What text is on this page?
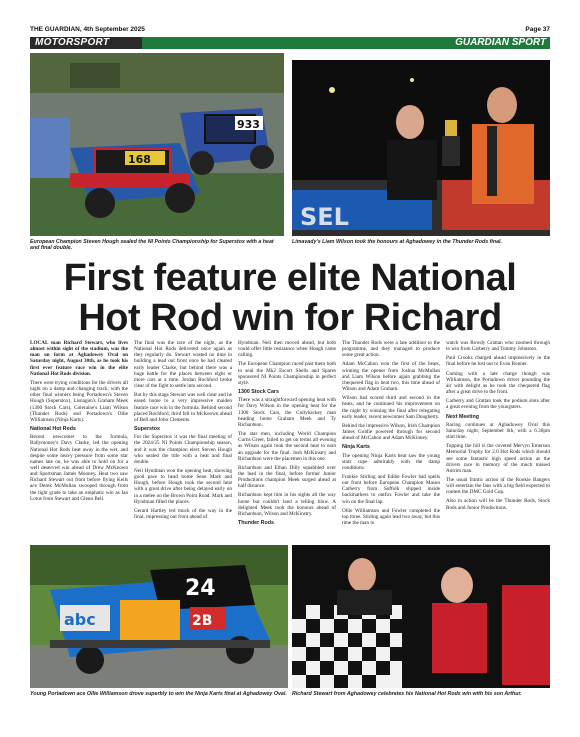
THE GUARDIAN, 4th September 2025	Page 37
MOTORSPORT	GUARDIAN SPORT
933
168
European Champion Steven Hough sealed the NI Points Championship for Superstox with a heat and final double.
SEL
Limavady's Liam Wilson took the honours at Aghadowey in the Thunder Rods final.
First feature elite National Hot Rod win for Richard

LOCAL man Richard Stewart, who lives almost within sight of the stadium, was the man on form at Aghadowey Oval on Saturday night, August 30th, as he took his first ever feature race win in the elite National Hot Rods division.

There were trying conditions for the drivers all night on a damp and changing track, with the other final winners being Portadown's Steven Hough (Superstox), Lisnagun's Graham Meek (1300 Stock Cars), Coleraine's Liam Wilson (Thunder Rods) and Portadown's Ollie Williamson (Ninja Karts).

National Hot Rods

Recent newcomer to the formula, Ballymoney's Davy Clarke, led the opening National Hot Rods heat away in the wet, and despite some heavy pressure from some star names late on, he was able to hold on for a well deserved win ahead of Drew McKeown and Sportsman James Mooney. Heat two saw Richard Stewart out from before flying Kells ace Derek McMullan swooped through from the tight grade to take an emphatic win as Ian Lotus from Stewart and Glenn Bell.

The final was the race of the night, as the National Hot Rods delivered once again as they regularly do. Stewart wasted no time in building a lead out front once he had cleared early leader Clarke, but behind there was a huge battle for the places between eight or more cars at a time. Jordan Rochford broke clear of the fight to settle into second.

But by this stage Stewart was well clear and he eased home to a very impressive maiden feature race win in the formula. Behind second placed Rochford, third fell to McKeown ahead of Bell and John Clements.

Superstox

For the Superstox it was the final meeting of the 2024/25 NI Points Championship season, and it was the champion elect Steven Hough who sealed the title with a heat and final double.

Neil Hyndman won the opening heat, showing good pace to head home Sean Mark and Hough, before Hough took the second heat with a great drive after being delayed early on in a melee on the Brown Point Road. Mark and Hyndman filled the places.

Gerard Hartley led much of the way in the final, impressing out front ahead of

Hyndman. Neil then moved ahead, but both could offer little resistance when Hough came calling.

The European Champion raced past them both to seal the Mk2 Escort Shells and Spares sponsored NI Points Championship in perfect style.

1300 Stock Cars

There was a straightforward opening heat with for Davy Wilson in the opening heat for the 1300 Stock Cars, the Cullybackey man heading home Graham Meek and Ty Richardson.

The star men, including World Champion Curtis Greer, failed to get on terms all evening as Wilson again took the second heat to earn an upgrade for the final. Josh McKinstry and Richardson were the placemen in this one.

Richardson and Ethan Dilly squabbled over the lead in the final, before former Junior Productions champion Meek surged ahead at half distance.

Richardson kept him in his sights all the way home but couldn't land a telling blow. A delighted Meek took the honours ahead of Richardson, Wilson and McKinstry.

Thunder Rods

The Thunder Rods were a late addition to the programme, and they managed to produce some great action.

Adam McCahon won the first of the heats, winning the opener from Joshua McMullan and Liam Wilson before again grabbing the chequered flag in heat two, this time ahead of Wilson and Adam Graham.

Wilson had scored third and second in the heats, and he continued his improvement on the night by winning the final after relegating early leader, recent newcomer Sam Dougherty.

Behind the impressive Wilson, Irish Champion James Goldie powered through for second ahead of McCahon and Adam McKinney.

Ninja Karts

The opening Ninja Karts heat saw the young stars cope admirably with the damp conditions.

Frankie Stirling and Eddie Fowler had spells out front before European Champion Mason Carberry from Suffolk slipped inside backmarkers to outfox Fowler and take the win on the final lap.

Ollie Williamson and Fowler completed the top three. Stirling again lead two away, but this time the man to

watch was Rowdy Grattan who zoomed through to win from Carberry and Tommy Johnston.

Paul Crooks charged ahead impressively in the final before he lost out to Evan Bonner.

Coming with a late charge though was Williamson, the Portadown driver pounding the air with delight as he took the chequered flag after a great drive to the front.

Carberry and Grattan took the podium slots after a great evening from the youngsters.

Next Meeting

Racing continues at Aghadowey Oval this Saturday night, September 6th, with a 6.30pm start time.

Topping the bill is the coveted Mervyn Emerson Memorial Trophy for 2.0 Hot Rods which should see some fantastic high speed action as the drivers race in memory of the much missed Antrim man.

The usual frantic action of the Rookie Bangers will entertain the fans with a big field expected to contest the DMC Gold Cup.

Also in action will be the Thunder Rods, Stock Rods and Junior Productions.

24
abc	2B
Young Portadown ace Ollie Williamson drove superbly to win the Ninja Karts final at Aghadowey Oval. Richard Stewart from Aghadowey celebrates his National Hot Rods win with his son Arthur.
